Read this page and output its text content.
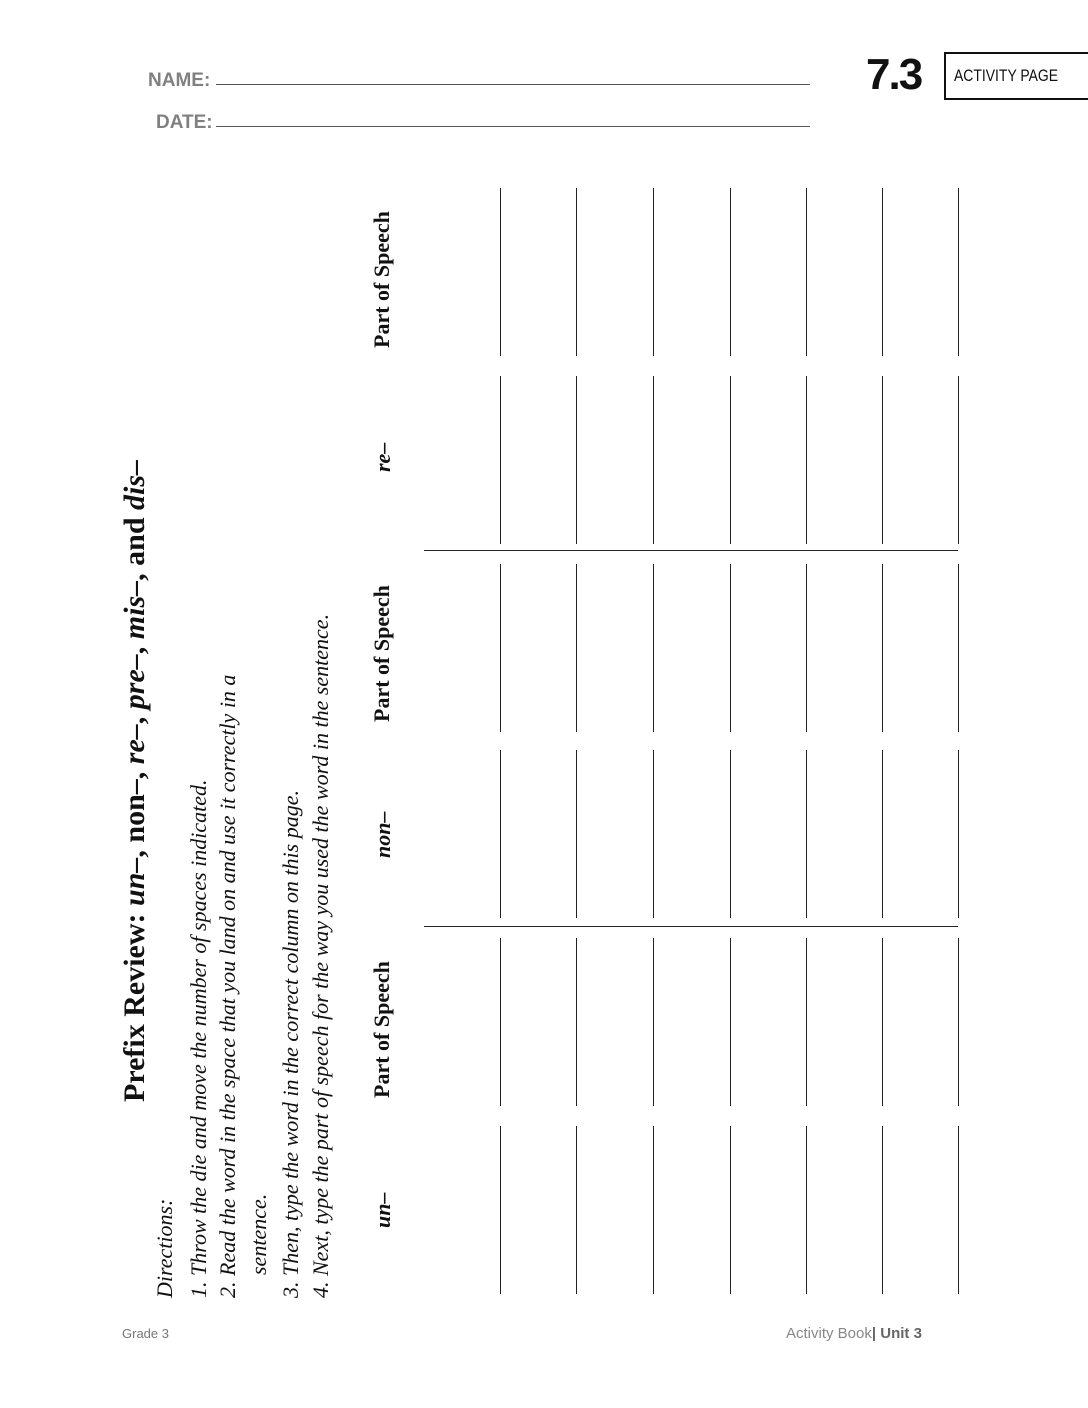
NAME:
DATE:
7.3 ACTIVITY PAGE
Prefix Review: un–, non–, re–, pre–, mis–, and dis–
Directions: 1. Throw the die and move the number of spaces indicated. 2. Read the word in the space that you land on and use it correctly in a sentence. 3. Then, type the word in the correct column on this page. 4. Next, type the part of speech for the way you used the word in the sentence. un–
Part of Speech
non–
Part of Speech
re–
Part of Speech
Grade 3	Activity Book| Unit 3
